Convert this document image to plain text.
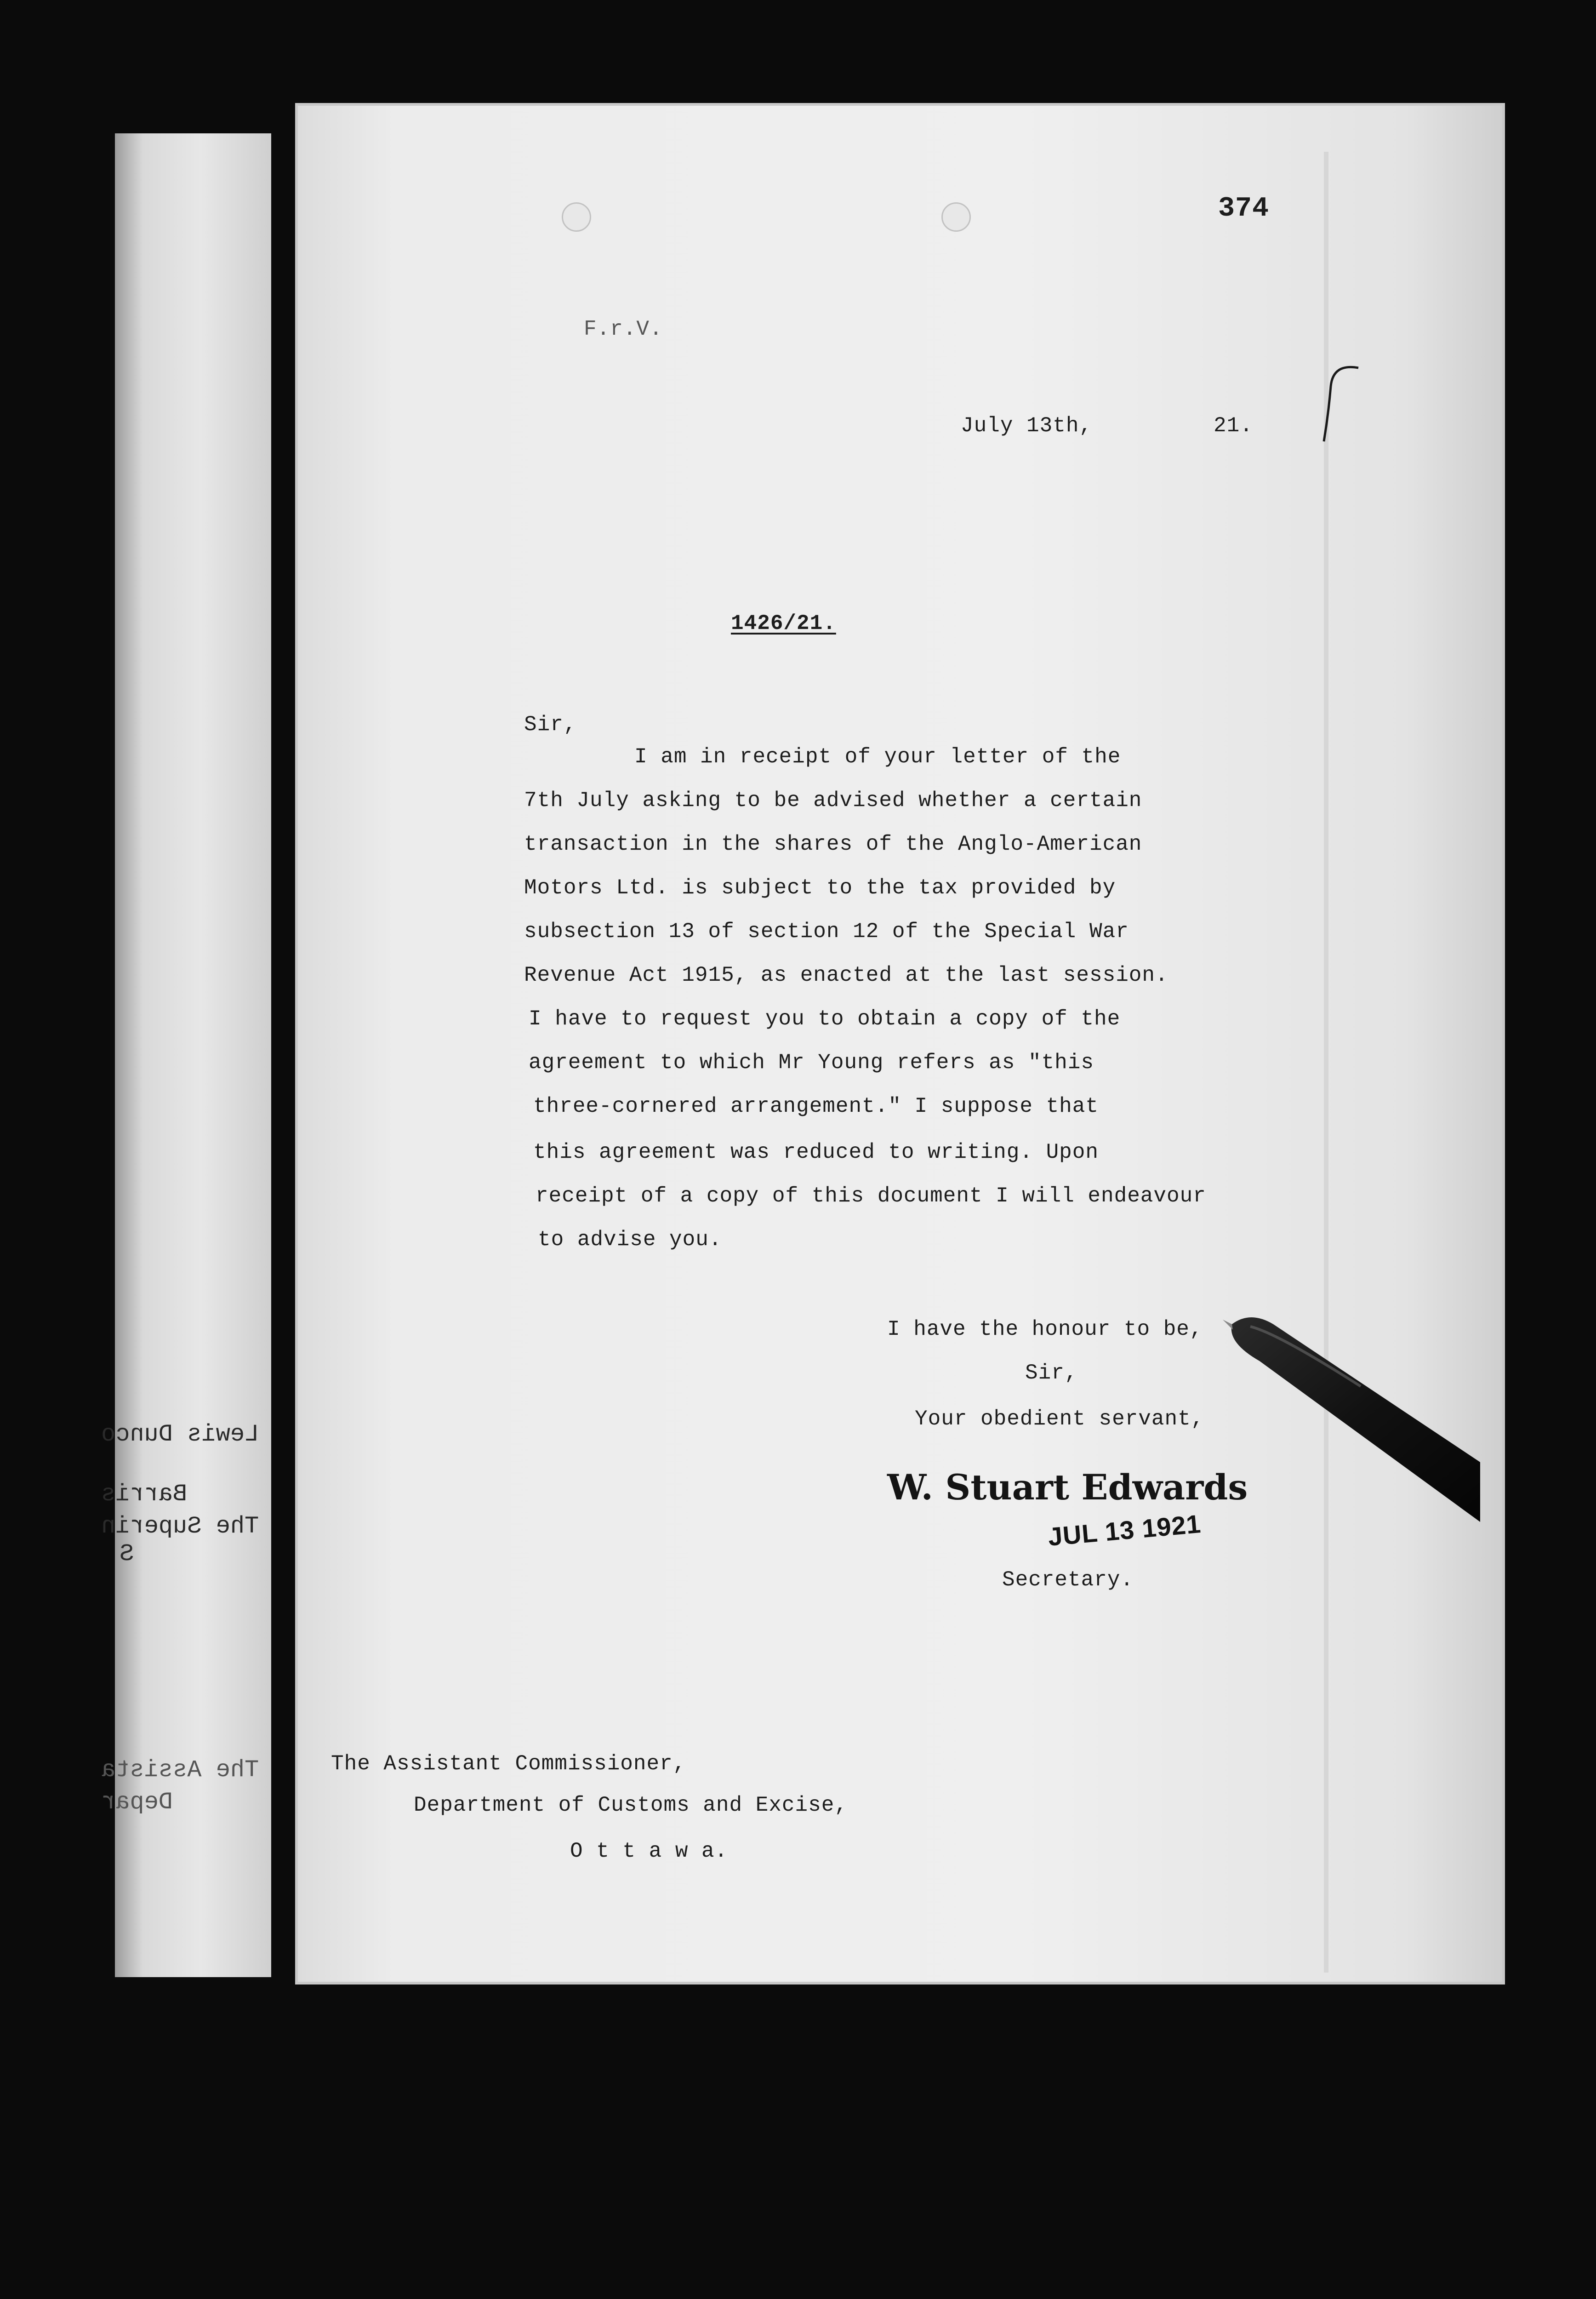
Lewis Dunco
Barris
The Superin
S
The Assista
Depar
374
F.r.V.
July 13th,	21.
1426/21.
Sir,
I am in receipt of your letter of the
7th July asking to be advised whether a certain
transaction in the shares of the Anglo-American
Motors Ltd. is subject to the tax provided by
subsection 13 of section 12 of the Special War
Revenue Act 1915, as enacted at the last session.
I have to request you to obtain a copy of the
agreement to which Mr Young refers as "this
three-cornered arrangement." I suppose that
this agreement was reduced to writing. Upon
receipt of a copy of this document I will endeavour
to advise you.
I have the honour to be,
Sir,
Your obedient servant,
W. Stuart Edwards
JUL 13 1921
Secretary.
The Assistant Commissioner,
Department of Customs and Excise,
O t t a w a.
